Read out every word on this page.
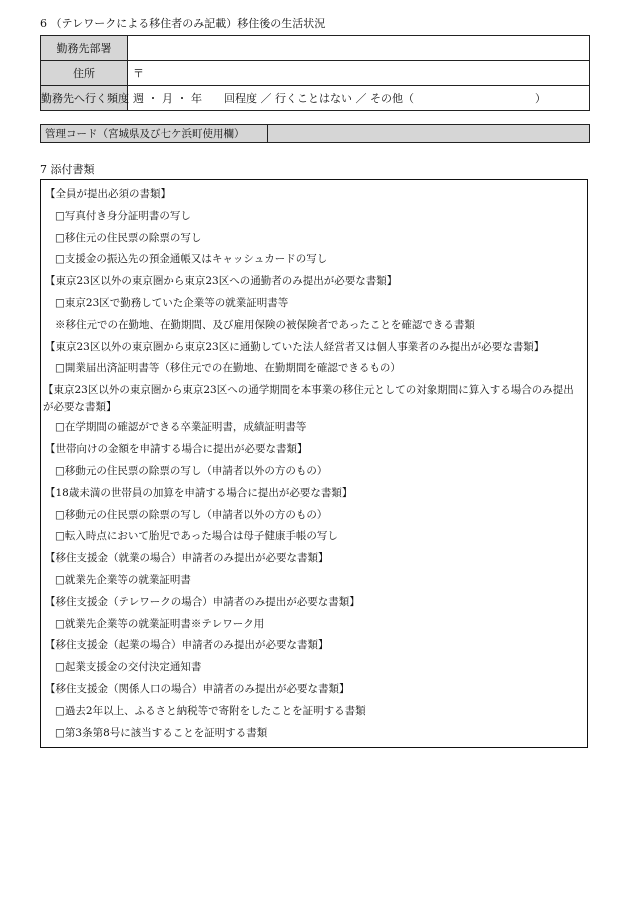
6 （テレワークによる移住者のみ記載）移住後の生活状況
勤務先部署	
住所	〒
勤務先へ行く頻度	週 ・ 月 ・ 年　　回程度 ／ 行くことはない ／ その他（　　　　　　　　　　　）
管理コード（宮城県及び七ケ浜町使用欄）	
7 添付書類
【全員が提出必須の書類】
□写真付き身分証明書の写し
□移住元の住民票の除票の写し
□支援金の振込先の預金通帳又はキャッシュカードの写し
【東京23区以外の東京圏から東京23区への通勤者のみ提出が必要な書類】
□東京23区で勤務していた企業等の就業証明書等
※移住元での在勤地、在勤期間、及び雇用保険の被保険者であったことを確認できる書類
【東京23区以外の東京圏から東京23区に通勤していた法人経営者又は個人事業者のみ提出が必要な書類】
□開業届出済証明書等（移住元での在勤地、在勤期間を確認できるもの）
【東京23区以外の東京圏から東京23区への通学期間を本事業の移住元としての対象期間に算入する場合のみ提出が必要な書類】
□在学期間の確認ができる卒業証明書，成績証明書等
【世帯向けの金額を申請する場合に提出が必要な書類】
□移動元の住民票の除票の写し（申請者以外の方のもの）
【18歳未満の世帯員の加算を申請する場合に提出が必要な書類】
□移動元の住民票の除票の写し（申請者以外の方のもの）
□転入時点において胎児であった場合は母子健康手帳の写し
【移住支援金（就業の場合）申請者のみ提出が必要な書類】
□就業先企業等の就業証明書
【移住支援金（テレワークの場合）申請者のみ提出が必要な書類】
□就業先企業等の就業証明書※テレワーク用
【移住支援金（起業の場合）申請者のみ提出が必要な書類】
□起業支援金の交付決定通知書
【移住支援金（関係人口の場合）申請者のみ提出が必要な書類】
□過去2年以上、ふるさと納税等で寄附をしたことを証明する書類
□第3条第8号に該当することを証明する書類
